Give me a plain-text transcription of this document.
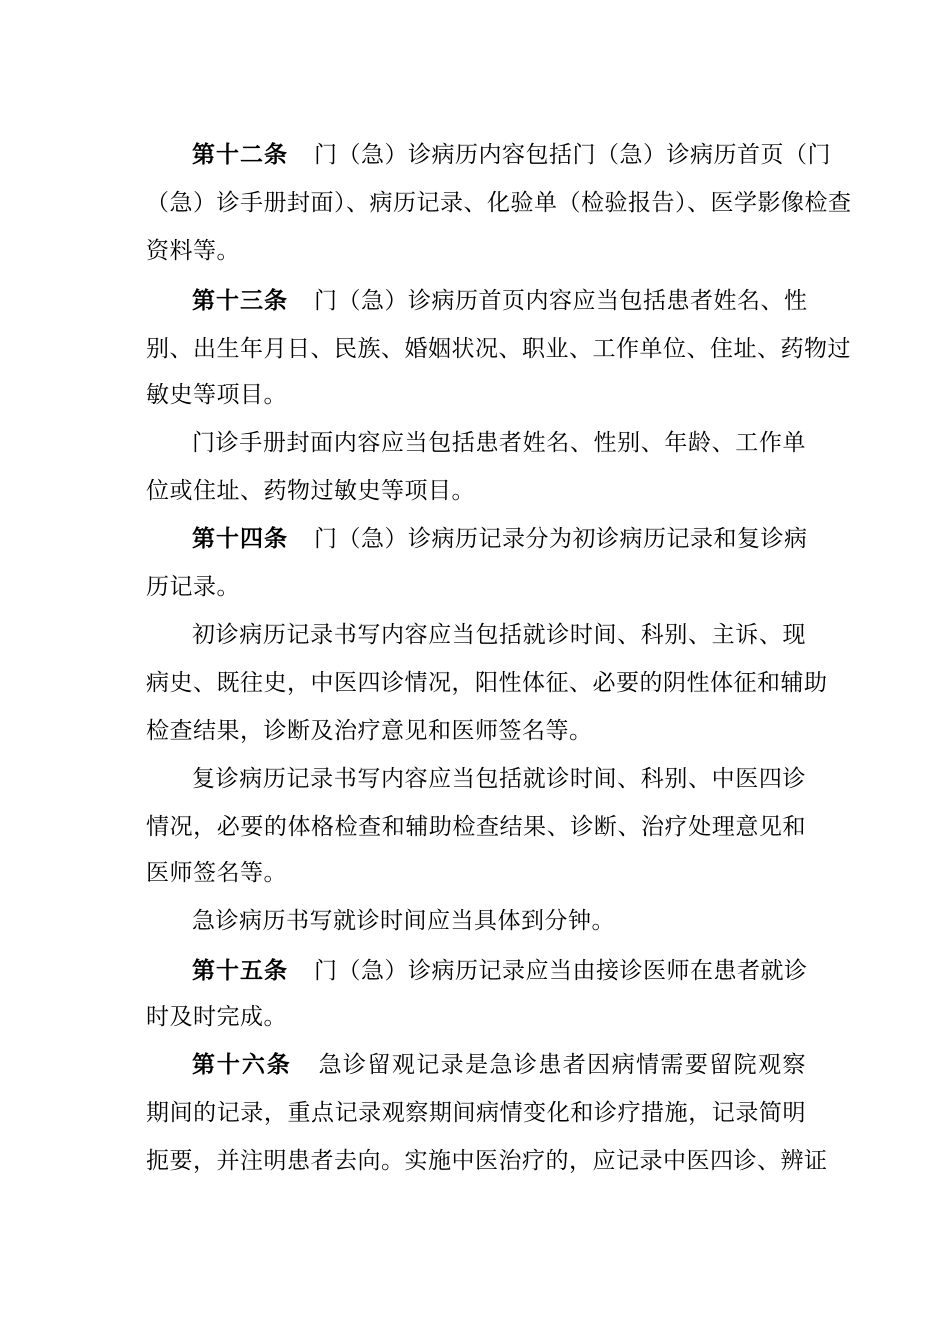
第十二条 门（急）诊病历内容包括门（急）诊病历首页（门
（急）诊手册封面）、病历记录、化验单（检验报告）、医学影像检查
资料等。
第十三条 门（急）诊病历首页内容应当包括患者姓名、性
别、出生年月日、民族、婚姻状况、职业、工作单位、住址、药物过
敏史等项目。
门诊手册封面内容应当包括患者姓名、性别、年龄、工作单
位或住址、药物过敏史等项目。
第十四条 门（急）诊病历记录分为初诊病历记录和复诊病
历记录。
初诊病历记录书写内容应当包括就诊时间、科别、主诉、现
病史、既往史，中医四诊情况，阳性体征、必要的阴性体征和辅助
检查结果，诊断及治疗意见和医师签名等。
复诊病历记录书写内容应当包括就诊时间、科别、中医四诊
情况，必要的体格检查和辅助检查结果、诊断、治疗处理意见和
医师签名等。
急诊病历书写就诊时间应当具体到分钟。
第十五条 门（急）诊病历记录应当由接诊医师在患者就诊
时及时完成。
第十六条 急诊留观记录是急诊患者因病情需要留院观察
期间的记录，重点记录观察期间病情变化和诊疗措施，记录简明
扼要，并注明患者去向。实施中医治疗的，应记录中医四诊、辨证
